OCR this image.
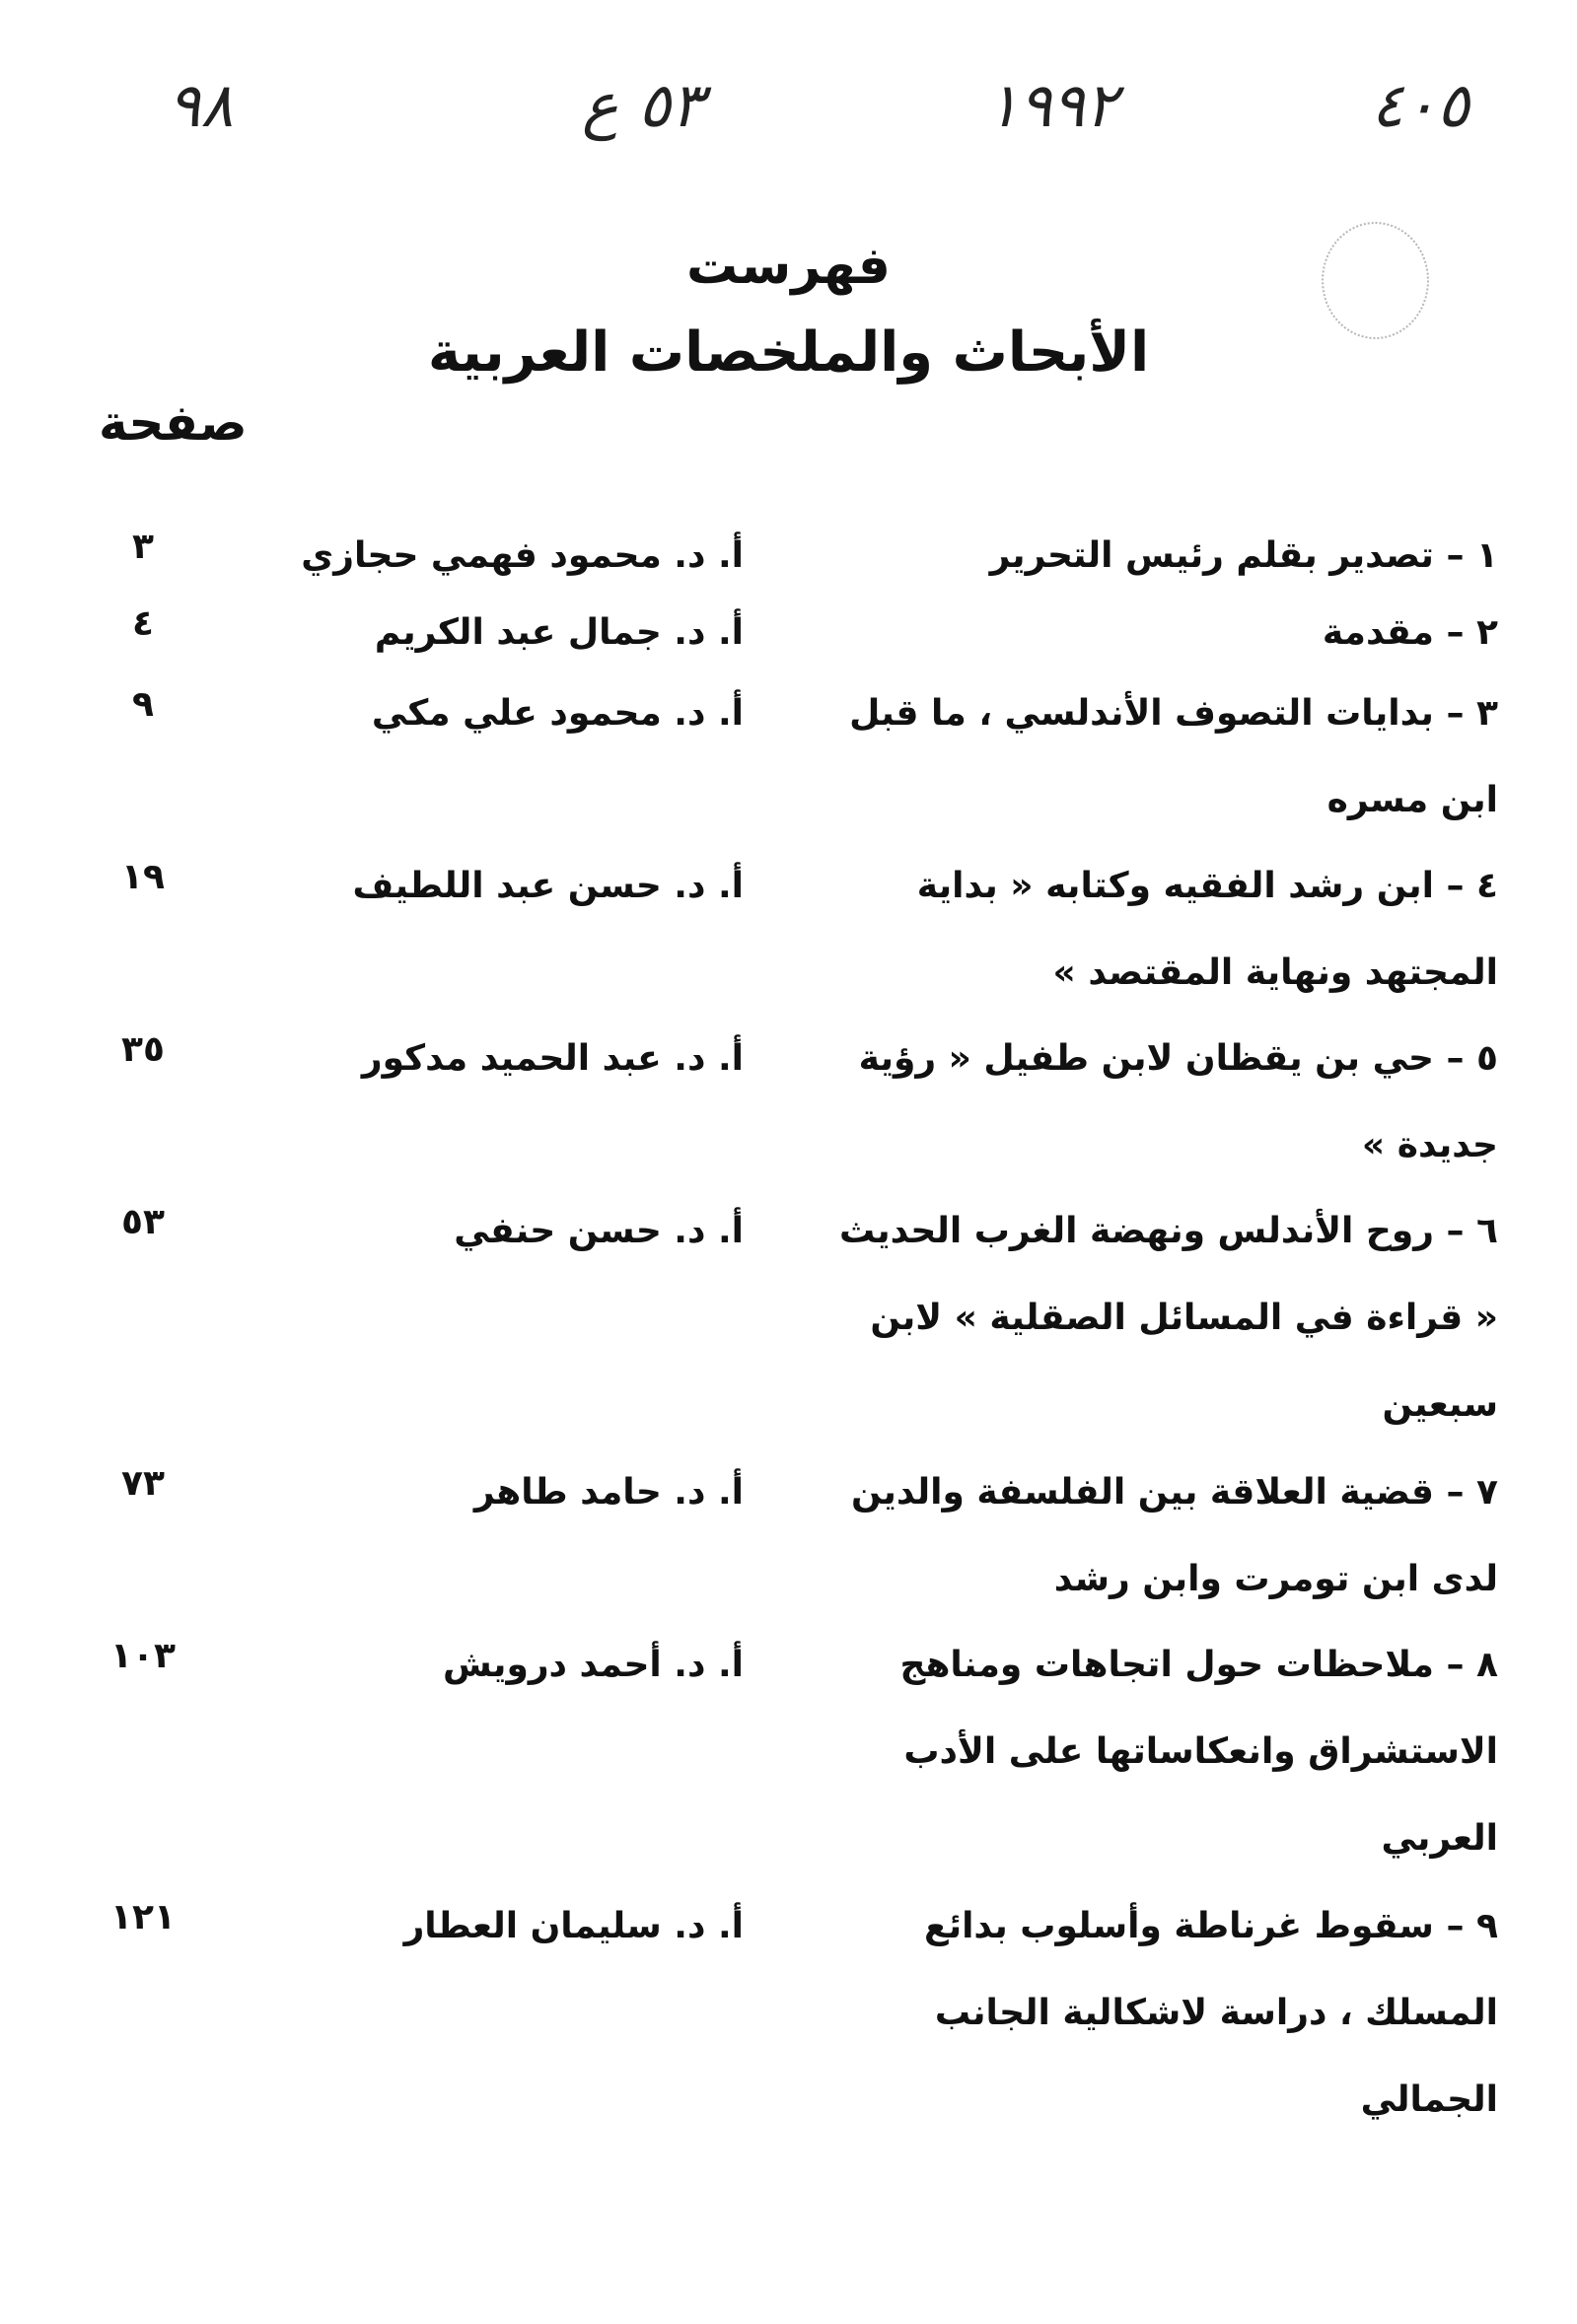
٩٨	٥٣ ع	١٩٩٢	٤٠٥
فهرست
الأبحاث والملخصات العربية
صفحة
١ – تصدير بقلم رئيس التحرير
أ. د. محمود فهمي حجازي
٣
٢ – مقدمة
أ. د. جمال عبد الكريم
٤
٣ – بدايات التصوف الأندلسي ، ما قبل ابن مسره
أ. د. محمود علي مكي
٩
٤ – ابن رشد الفقيه وكتابه « بداية المجتهد ونهاية المقتصد »
أ. د. حسن عبد اللطيف
١٩
٥ – حي بن يقظان لابن طفيل « رؤية جديدة »
أ. د. عبد الحميد مدكور
٣٥
٦ – روح الأندلس ونهضة الغرب الحديث « قراءة في المسائل الصقلية » لابن سبعين
أ. د. حسن حنفي
٥٣
٧ – قضية العلاقة بين الفلسفة والدين لدى ابن تومرت وابن رشد
أ. د. حامد طاهر
٧٣
٨ – ملاحظات حول اتجاهات ومناهج الاستشراق وانعكاساتها على الأدب العربي
أ. د. أحمد درويش
١٠٣
٩ – سقوط غرناطة وأسلوب بدائع المسلك ، دراسة لاشكالية الجانب الجمالي
أ. د. سليمان العطار
١٢١
